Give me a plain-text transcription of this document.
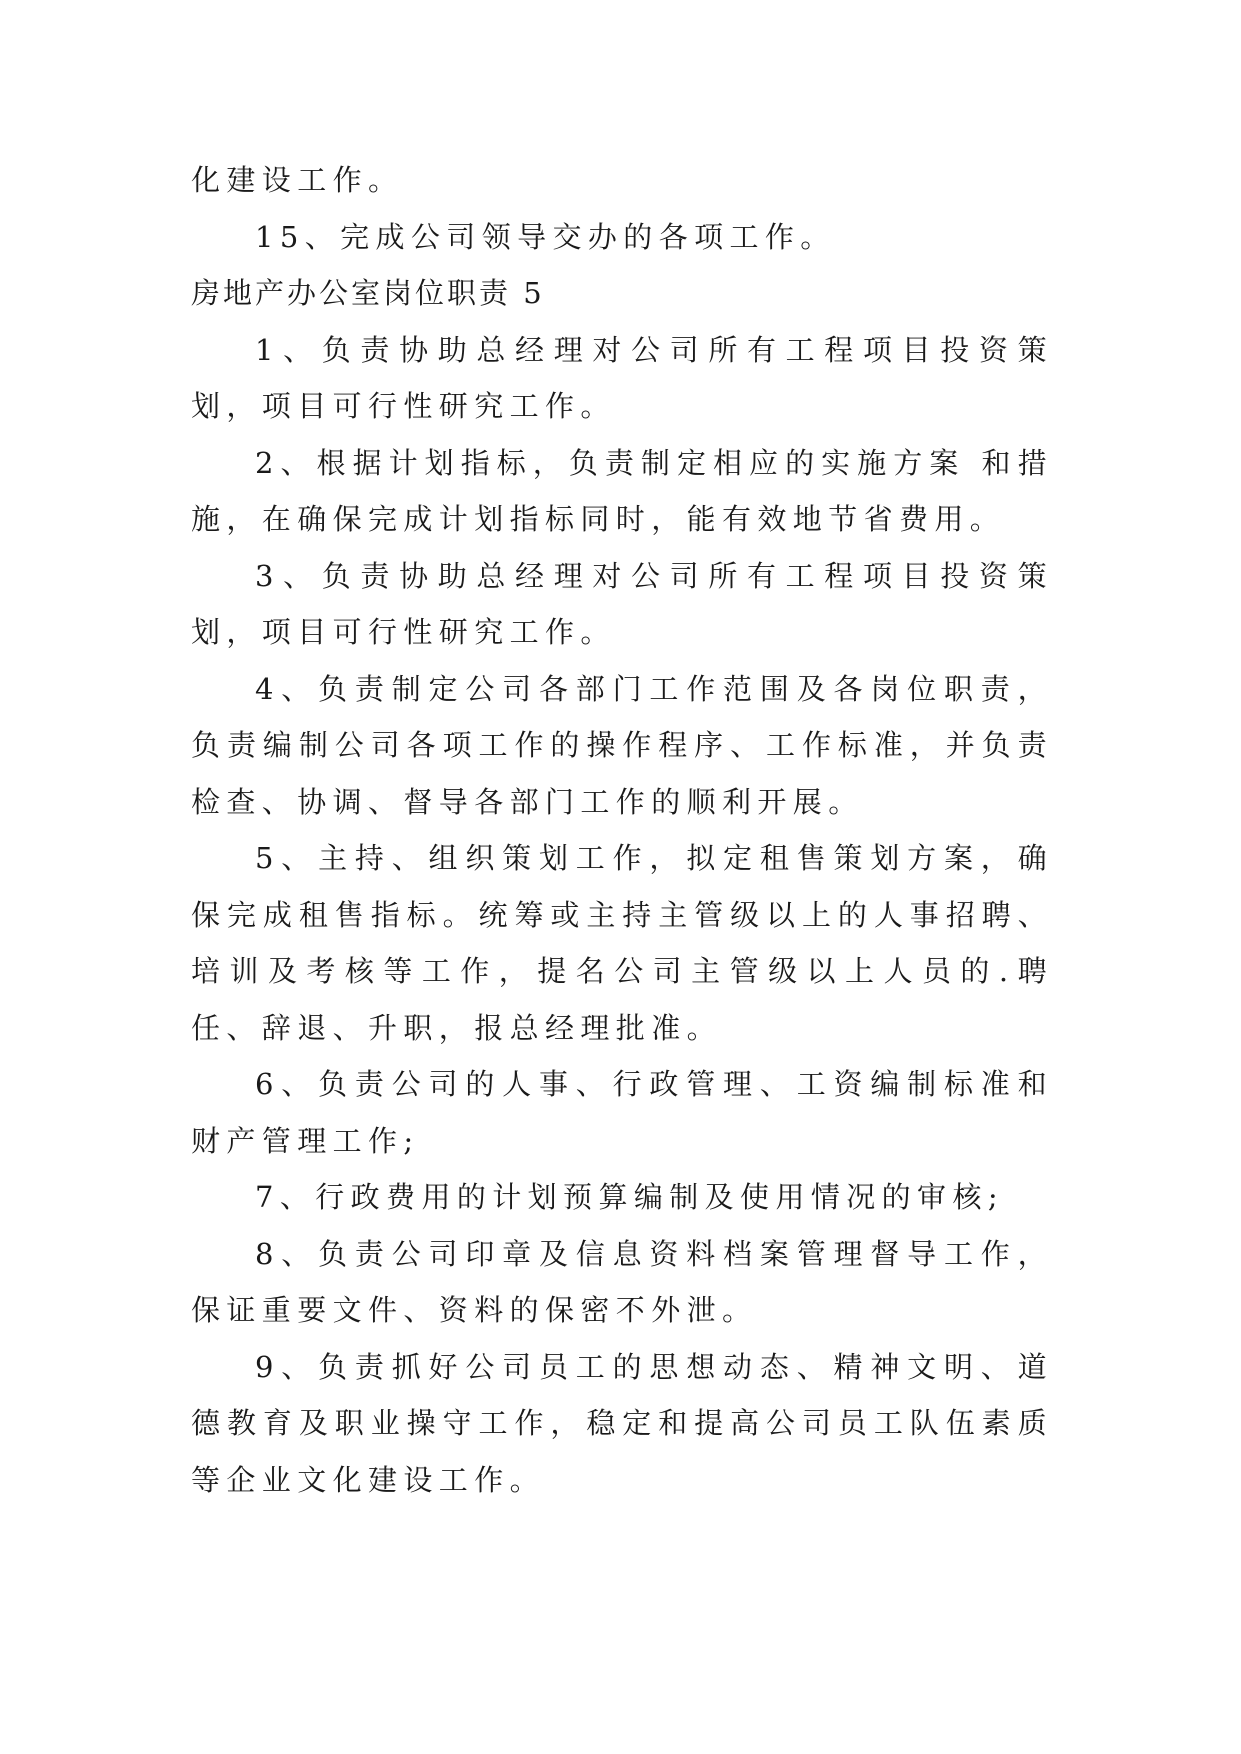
化建设工作。

15、完成公司领导交办的各项工作。

房地产办公室岗位职责 5

1、负责协助总经理对公司所有工程项目投资策划，项目可行性研究工作。

2、根据计划指标，负责制定相应的实施方案 和措施，在确保完成计划指标同时，能有效地节省费用。

3、负责协助总经理对公司所有工程项目投资策划，项目可行性研究工作。

4、负责制定公司各部门工作范围及各岗位职责，负责编制公司各项工作的操作程序、工作标准，并负责检查、协调、督导各部门工作的顺利开展。

5、主持、组织策划工作，拟定租售策划方案，确保完成租售指标。统筹或主持主管级以上的人事招聘、培训及考核等工作，提名公司主管级以上人员的.聘任、辞退、升职，报总经理批准。

6、负责公司的人事、行政管理、工资编制标准和财产管理工作;

7、行政费用的计划预算编制及使用情况的审核;

8、负责公司印章及信息资料档案管理督导工作，保证重要文件、资料的保密不外泄。

9、负责抓好公司员工的思想动态、精神文明、道德教育及职业操守工作，稳定和提高公司员工队伍素质等企业文化建设工作。
